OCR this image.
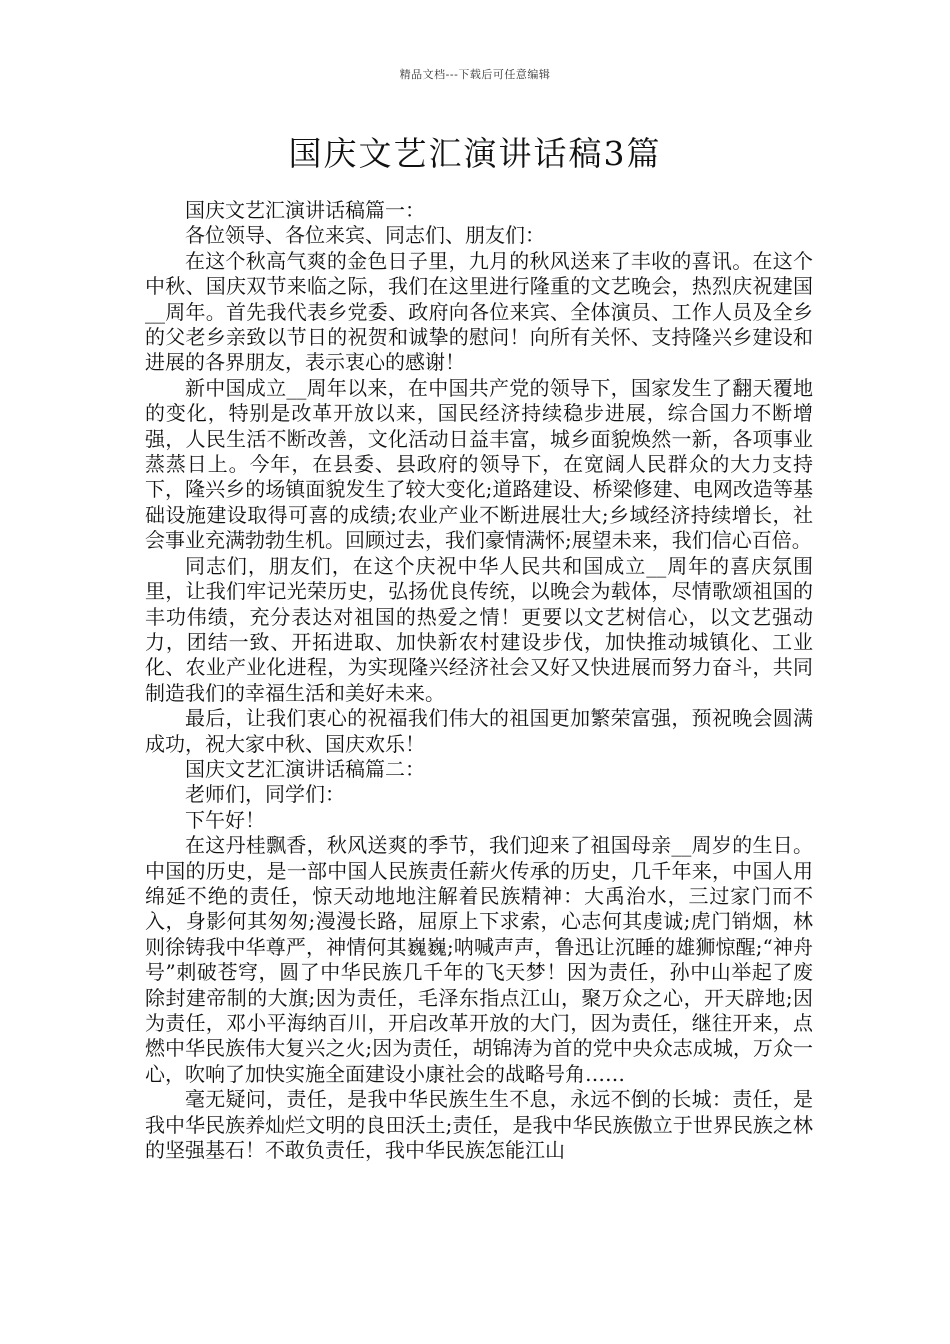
精品文档---下载后可任意编辑
国庆文艺汇演讲话稿3篇

国庆文艺汇演讲话稿篇一：

各位领导、各位来宾、同志们、朋友们：

在这个秋高气爽的金色日子里，九月的秋风送来了丰收的喜讯。在这个中秋、国庆双节来临之际，我们在这里进行隆重的文艺晚会，热烈庆祝建国__周年。首先我代表乡党委、政府向各位来宾、全体演员、工作人员及全乡的父老乡亲致以节日的祝贺和诚挚的慰问！向所有关怀、支持隆兴乡建设和进展的各界朋友，表示衷心的感谢！

新中国成立__周年以来，在中国共产党的领导下，国家发生了翻天覆地的变化，特别是改革开放以来，国民经济持续稳步进展，综合国力不断增强，人民生活不断改善，文化活动日益丰富，城乡面貌焕然一新，各项事业蒸蒸日上。今年，在县委、县政府的领导下，在宽阔人民群众的大力支持下，隆兴乡的场镇面貌发生了较大变化;道路建设、桥梁修建、电网改造等基础设施建设取得可喜的成绩;农业产业不断进展壮大;乡域经济持续增长，社会事业充满勃勃生机。回顾过去，我们豪情满怀;展望未来，我们信心百倍。

同志们，朋友们，在这个庆祝中华人民共和国成立__周年的喜庆氛围里，让我们牢记光荣历史，弘扬优良传统，以晚会为载体，尽情歌颂祖国的丰功伟绩，充分表达对祖国的热爱之情！更要以文艺树信心，以文艺强动力，团结一致、开拓进取、加快新农村建设步伐，加快推动城镇化、工业化、农业产业化进程，为实现隆兴经济社会又好又快进展而努力奋斗，共同制造我们的幸福生活和美好未来。

最后，让我们衷心的祝福我们伟大的祖国更加繁荣富强，预祝晚会圆满成功，祝大家中秋、国庆欢乐！

国庆文艺汇演讲话稿篇二：

老师们，同学们：

下午好！

在这丹桂飘香，秋风送爽的季节，我们迎来了祖国母亲__周岁的生日。中国的历史，是一部中国人民族责任薪火传承的历史，几千年来，中国人用绵延不绝的责任，惊天动地地注解着民族精神：大禹治水，三过家门而不入，身影何其匆匆;漫漫长路，屈原上下求索，心志何其虔诚;虎门销烟，林则徐铸我中华尊严，神情何其巍巍;呐喊声声，鲁迅让沉睡的雄狮惊醒;“神舟号”刺破苍穹，圆了中华民族几千年的飞天梦！因为责任，孙中山举起了废除封建帝制的大旗;因为责任，毛泽东指点江山，聚万众之心，开天辟地;因为责任，邓小平海纳百川，开启改革开放的大门，因为责任，继往开来，点燃中华民族伟大复兴之火;因为责任，胡锦涛为首的党中央众志成城，万众一心，吹响了加快实施全面建设小康社会的战略号角……

毫无疑问，责任，是我中华民族生生不息，永远不倒的长城：责任，是我中华民族养灿烂文明的良田沃土;责任，是我中华民族傲立于世界民族之林的坚强基石！不敢负责任，我中华民族怎能江山
